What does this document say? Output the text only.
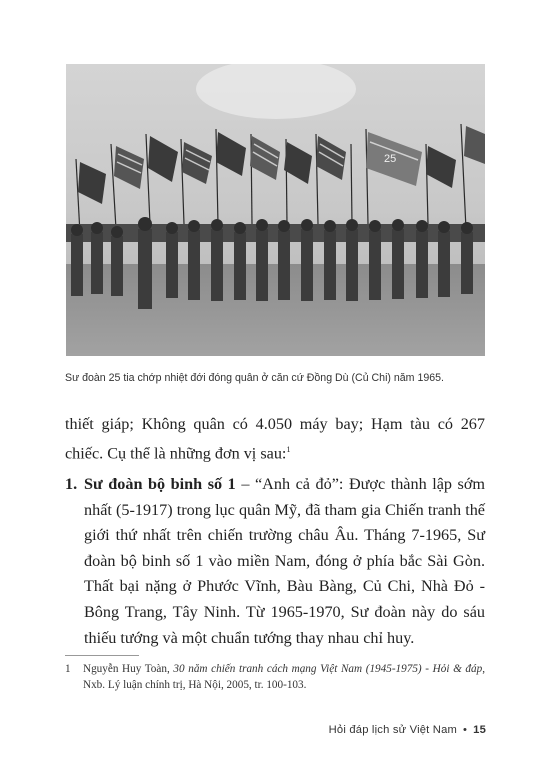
25
Sư đoàn 25 tia chớp nhiệt đới đóng quân ở căn cứ Đồng Dù (Củ Chi) năm 1965.

thiết giáp; Không quân có 4.050 máy bay; Hạm tàu có 267 chiếc. Cụ thể là những đơn vị sau:$^1$

1. Sư đoàn bộ binh số 1 – “Anh cả đỏ”: Được thành lập sớm nhất (5-1917) trong lục quân Mỹ, đã tham gia Chiến tranh thế giới thứ nhất trên chiến trường châu Âu. Tháng 7-1965, Sư đoàn bộ binh số 1 vào miền Nam, đóng ở phía bắc Sài Gòn. Thất bại nặng ở Phước Vĩnh, Bàu Bàng, Củ Chi, Nhà Đỏ - Bông Trang, Tây Ninh. Từ 1965-1970, Sư đoàn này do sáu thiếu tướng và một chuẩn tướng thay nhau chỉ huy.
1 Nguyễn Huy Toàn, 30 năm chiến tranh cách mạng Việt Nam (1945-1975) - Hỏi & đáp, Nxb. Lý luận chính trị, Hà Nội, 2005, tr. 100-103.
Hỏi đáp lịch sử Việt Nam • 15
